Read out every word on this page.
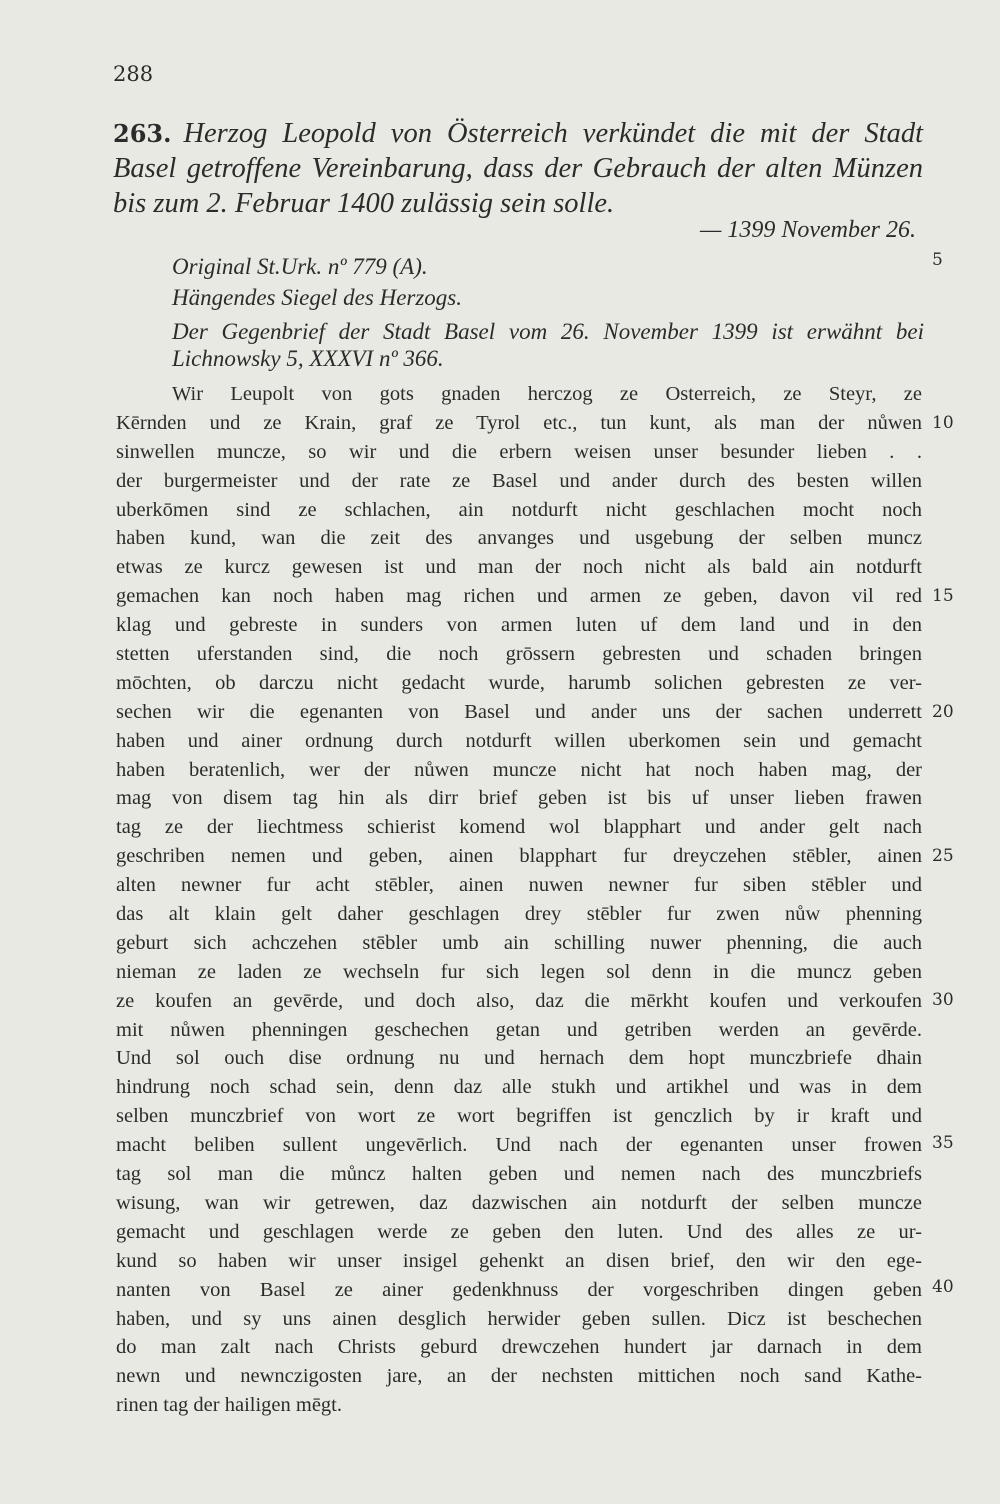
288
263. Herzog Leopold von Österreich verkündet die mit der Stadt Basel getroffene Vereinbarung, dass der Gebrauch der alten Münzen bis zum 2. Februar 1400 zulässig sein solle.
— 1399 November 26.
Original St.Urk. nº 779 (A).
Hängendes Siegel des Herzogs.
Der Gegenbrief der Stadt Basel vom 26. November 1399 ist erwähnt bei Lichnowsky 5, XXXVI nº 366.
Wir Leupolt von gots gnaden herczog ze Osterreich, ze Steyr, ze
Kērnden und ze Krain, graf ze Tyrol etc., tun kunt, als man der nůwen
sinwellen muncze, so wir und die erbern weisen unser besunder lieben . .
der burgermeister und der rate ze Basel und ander durch des besten willen
uberkōmen sind ze schlachen, ain notdurft nicht geschlachen mocht noch
haben kund, wan die zeit des anvanges und usgebung der selben muncz
etwas ze kurcz gewesen ist und man der noch nicht als bald ain notdurft
gemachen kan noch haben mag richen und armen ze geben, davon vil red
klag und gebreste in sunders von armen luten uf dem land und in den
stetten uferstanden sind, die noch grōssern gebresten und schaden bringen
mōchten, ob darczu nicht gedacht wurde, harumb solichen gebresten ze ver-
sechen wir die egenanten von Basel und ander uns der sachen underrett
haben und ainer ordnung durch notdurft willen uberkomen sein und gemacht
haben beratenlich, wer der nůwen muncze nicht hat noch haben mag, der
mag von disem tag hin als dirr brief geben ist bis uf unser lieben frawen
tag ze der liechtmess schierist komend wol blapphart und ander gelt nach
geschriben nemen und geben, ainen blapphart fur dreyczehen stēbler, ainen
alten newner fur acht stēbler, ainen nuwen newner fur siben stēbler und
das alt klain gelt daher geschlagen drey stēbler fur zwen nůw phenning
geburt sich achczehen stēbler umb ain schilling nuwer phenning, die auch
nieman ze laden ze wechseln fur sich legen sol denn in die muncz geben
ze koufen an gevērde, und doch also, daz die mērkht koufen und verkoufen
mit nůwen phenningen geschechen getan und getriben werden an gevērde.
Und sol ouch dise ordnung nu und hernach dem hopt munczbriefe dhain
hindrung noch schad sein, denn daz alle stukh und artikhel und was in dem
selben munczbrief von wort ze wort begriffen ist genczlich by ir kraft und
macht beliben sullent ungevērlich. Und nach der egenanten unser frowen
tag sol man die můncz halten geben und nemen nach des munczbriefs
wisung, wan wir getrewen, daz dazwischen ain notdurft der selben muncze
gemacht und geschlagen werde ze geben den luten. Und des alles ze ur-
kund so haben wir unser insigel gehenkt an disen brief, den wir den ege-
nanten von Basel ze ainer gedenkhnuss der vorgeschriben dingen geben
haben, und sy uns ainen desglich herwider geben sullen. Dicz ist beschechen
do man zalt nach Christs geburd drewczehen hundert jar darnach in dem
newn und newnczigosten jare, an der nechsten mittichen noch sand Kathe-
rinen tag der hailigen mēgt.
5
10
15
20
25
30
35
40
